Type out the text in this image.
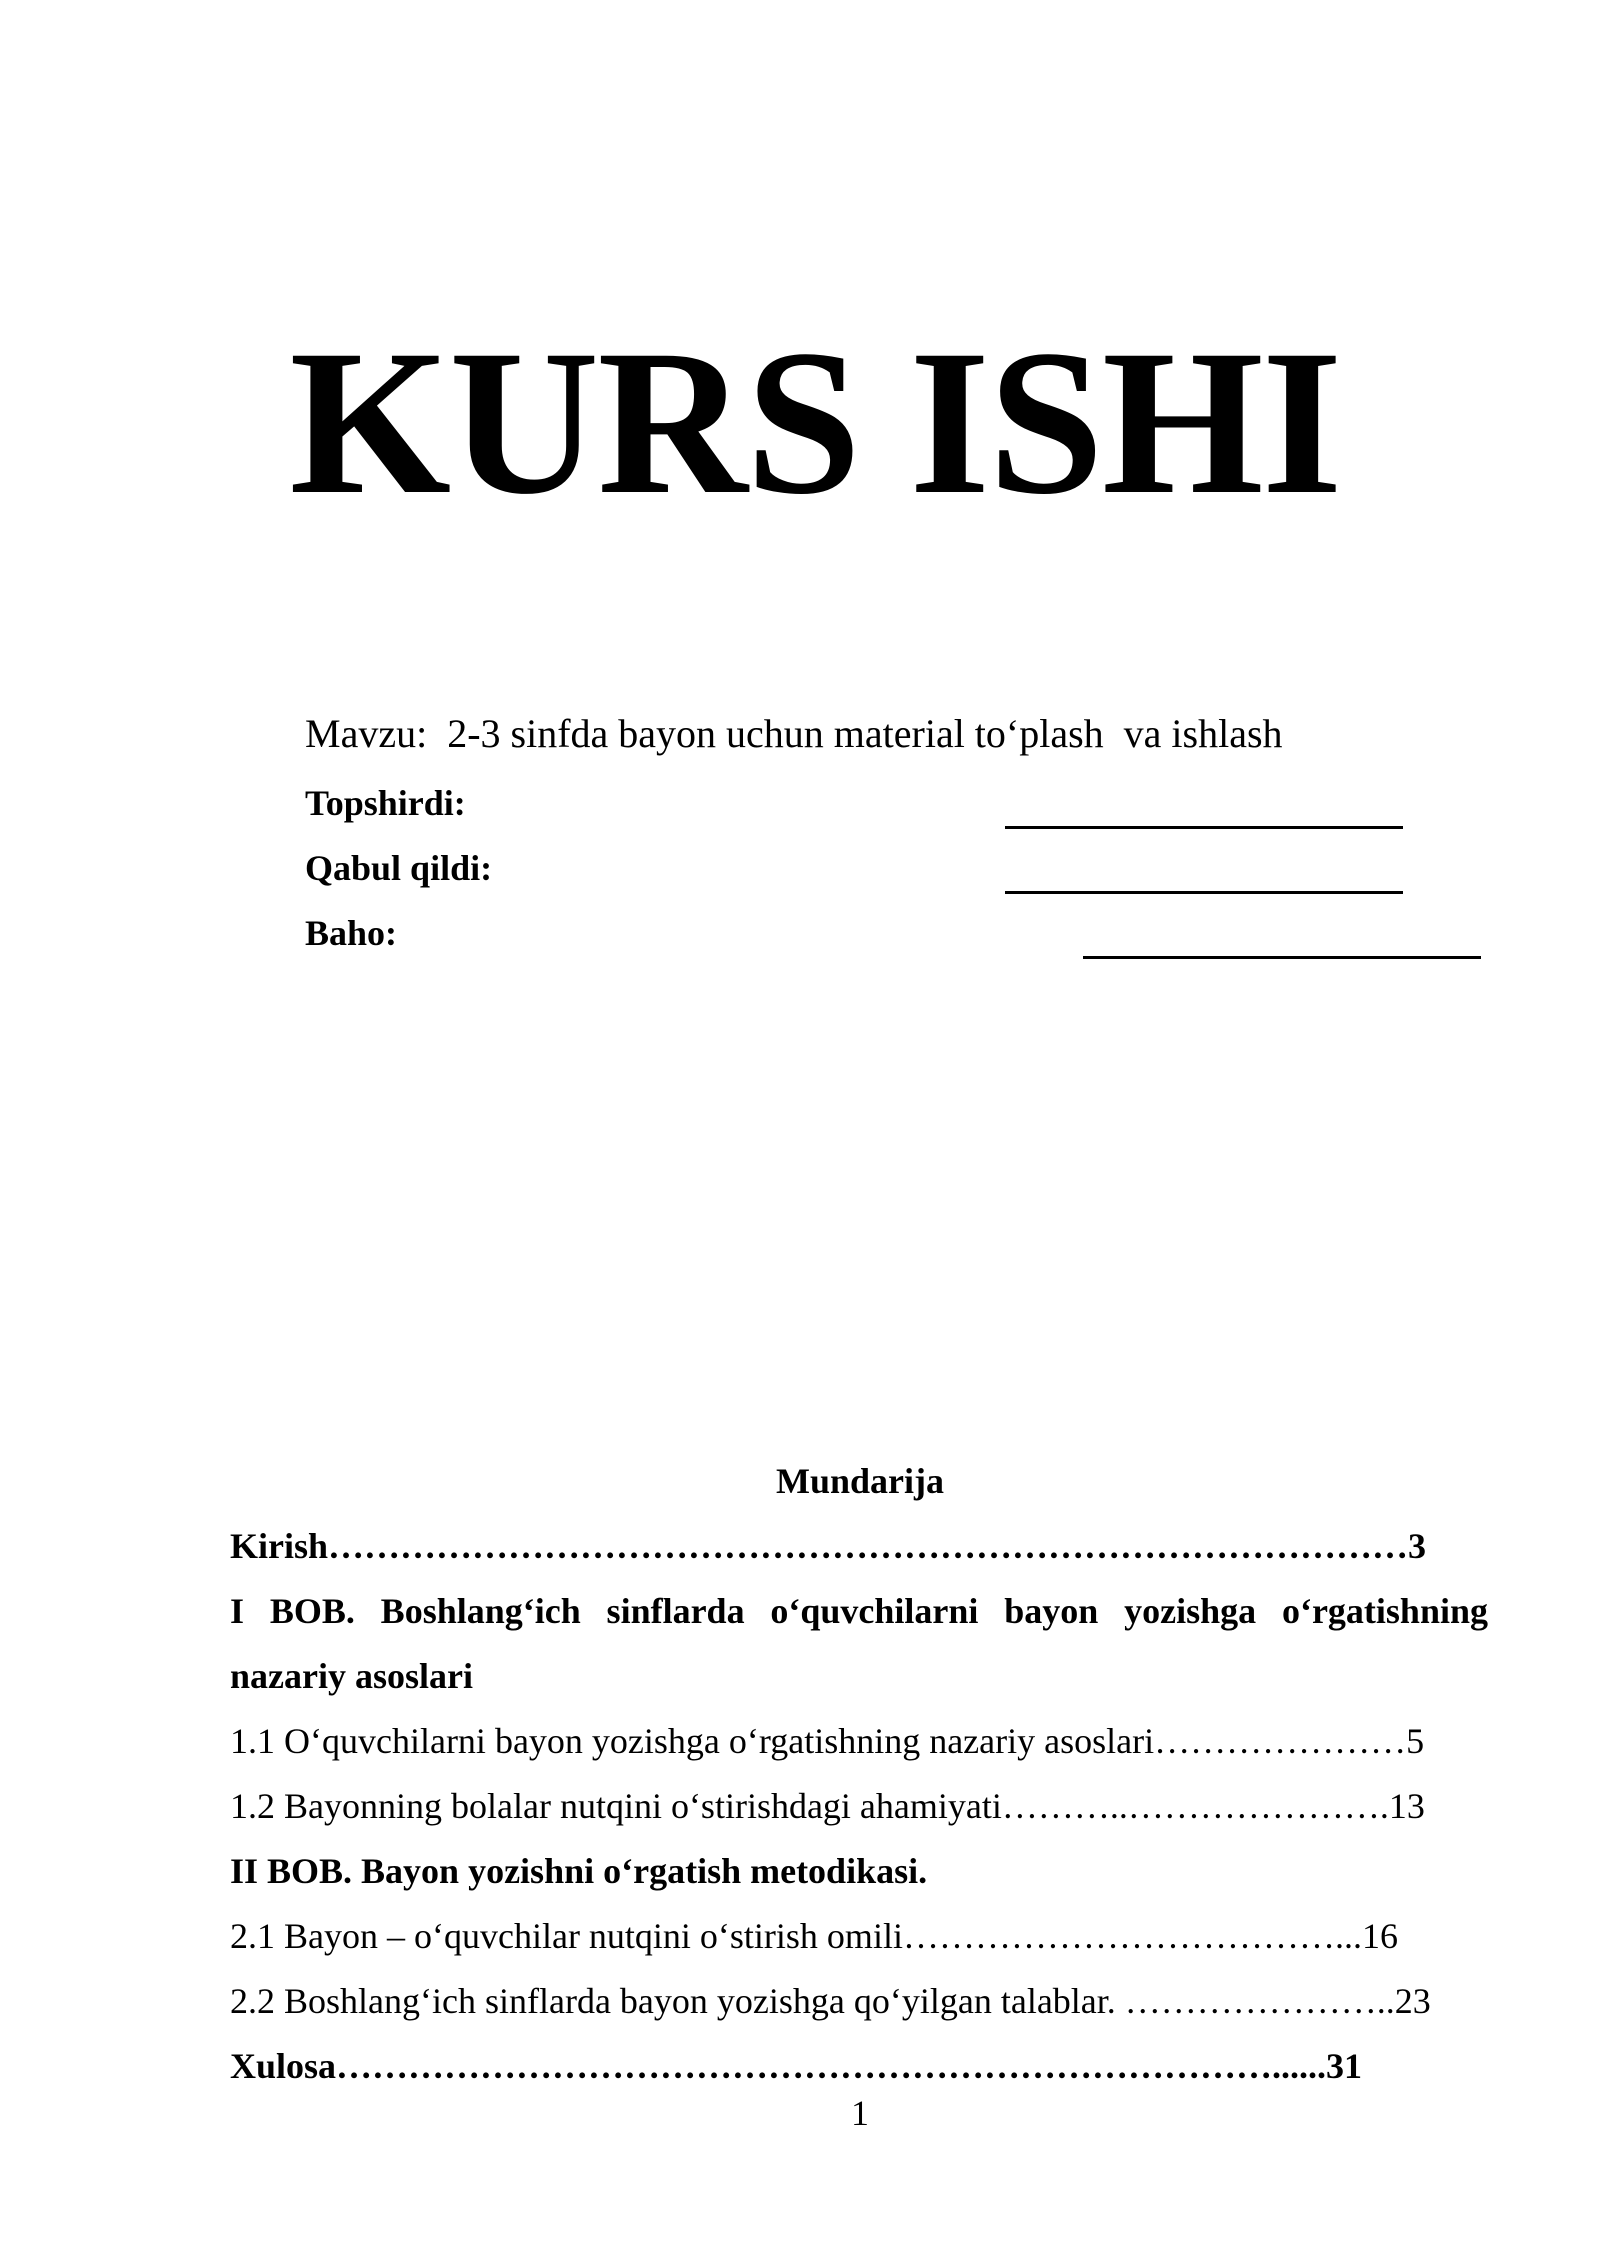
KURS ISHI
Mavzu:  2-3 sinfda bayon uchun material to‘plash  va ishlash
Topshirdi:
Qabul qildi:
Baho:
Mundarija
Kirish………………………………………………………………………………3
I BOB. Boshlang‘ich sinflarda o‘quvchilarni bayon yozishga o‘rgatishning
nazariy asoslari
1.1 O‘quvchilarni bayon yozishga o‘rgatishning nazariy asoslari…………………5
1.2 Bayonning bolalar nutqini o‘stirishdagi ahamiyati………..………………….13
II BOB. Bayon yozishni o‘rgatish metodikasi.
2.1 Bayon – o‘quvchilar nutqini o‘stirish omili………………………………...16
2.2 Boshlang‘ich sinflarda bayon yozishga qo‘yilgan talablar. …………………..23
Xulosa……………………………………………………………………......31
1
